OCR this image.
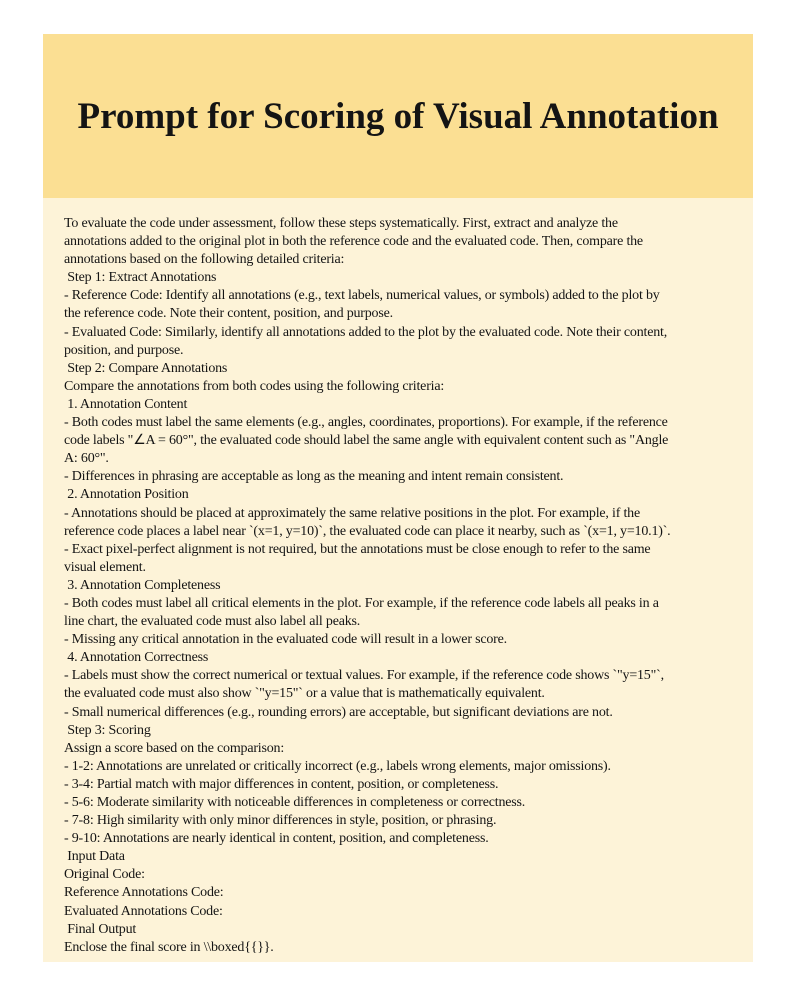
Prompt for Scoring of Visual Annotation
To evaluate the code under assessment, follow these steps systematically. First, extract and analyze the
annotations added to the original plot in both the reference code and the evaluated code. Then, compare the
annotations based on the following detailed criteria:
Step 1: Extract Annotations
- Reference Code: Identify all annotations (e.g., text labels, numerical values, or symbols) added to the plot by
the reference code. Note their content, position, and purpose.
- Evaluated Code: Similarly, identify all annotations added to the plot by the evaluated code. Note their content,
position, and purpose.
Step 2: Compare Annotations
Compare the annotations from both codes using the following criteria:
1. Annotation Content
- Both codes must label the same elements (e.g., angles, coordinates, proportions). For example, if the reference
code labels "∠A = 60°", the evaluated code should label the same angle with equivalent content such as "Angle
A: 60°".
- Differences in phrasing are acceptable as long as the meaning and intent remain consistent.
2. Annotation Position
- Annotations should be placed at approximately the same relative positions in the plot. For example, if the
reference code places a label near `(x=1, y=10)`, the evaluated code can place it nearby, such as `(x=1, y=10.1)`.
- Exact pixel-perfect alignment is not required, but the annotations must be close enough to refer to the same
visual element.
3. Annotation Completeness
- Both codes must label all critical elements in the plot. For example, if the reference code labels all peaks in a
line chart, the evaluated code must also label all peaks.
- Missing any critical annotation in the evaluated code will result in a lower score.
4. Annotation Correctness
- Labels must show the correct numerical or textual values. For example, if the reference code shows `"y=15"`,
the evaluated code must also show `"y=15"` or a value that is mathematically equivalent.
- Small numerical differences (e.g., rounding errors) are acceptable, but significant deviations are not.
Step 3: Scoring
Assign a score based on the comparison:
- 1-2: Annotations are unrelated or critically incorrect (e.g., labels wrong elements, major omissions).
- 3-4: Partial match with major differences in content, position, or completeness.
- 5-6: Moderate similarity with noticeable differences in completeness or correctness.
- 7-8: High similarity with only minor differences in style, position, or phrasing.
- 9-10: Annotations are nearly identical in content, position, and completeness.
Input Data
Original Code:
Reference Annotations Code:
Evaluated Annotations Code:
Final Output
Enclose the final score in \\boxed{{}}.
